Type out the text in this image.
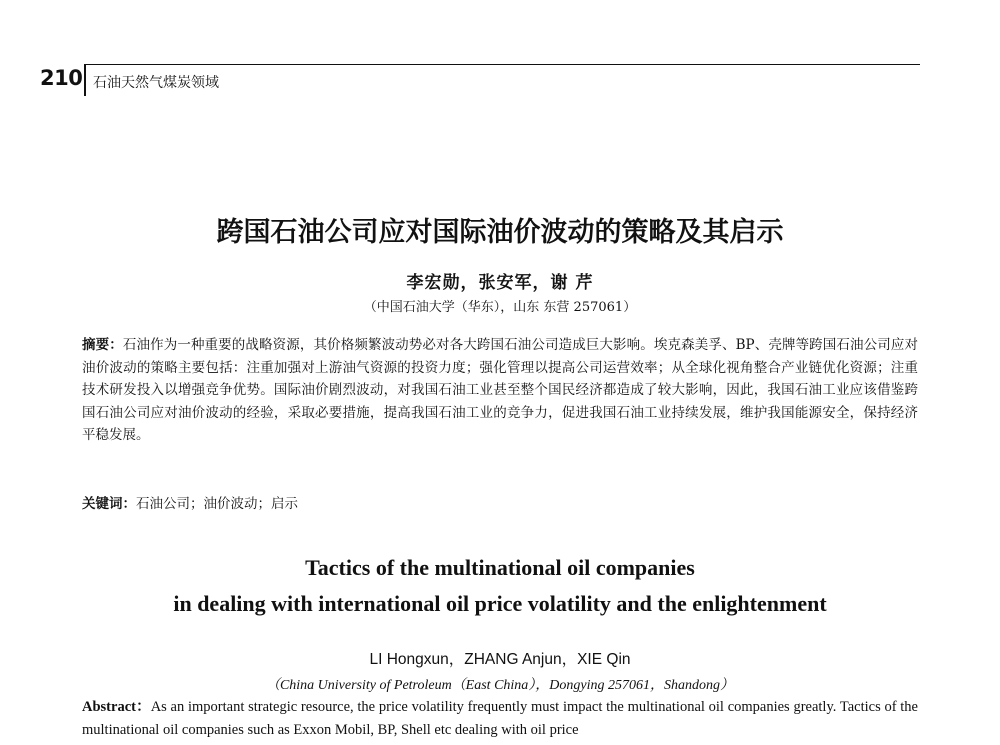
210 石油天然气煤炭领域
跨国石油公司应对国际油价波动的策略及其启示
李宏勋，张安军，谢 芹
（中国石油大学（华东），山东 东营 257061）
摘要：石油作为一种重要的战略资源，其价格频繁波动势必对各大跨国石油公司造成巨大影响。埃克森美孚、BP、壳牌等跨国石油公司应对油价波动的策略主要包括：注重加强对上游油气资源的投资力度；强化管理以提高公司运营效率；从全球化视角整合产业链优化资源；注重技术研发投入以增强竞争优势。国际油价剧烈波动，对我国石油工业甚至整个国民经济都造成了较大影响，因此，我国石油工业应该借鉴跨国石油公司应对油价波动的经验，采取必要措施，提高我国石油工业的竞争力，促进我国石油工业持续发展，维护我国能源安全，保持经济平稳发展。
关键词：石油公司；油价波动；启示
Tactics of the multinational oil companies
in dealing with international oil price volatility and the enlightenment
LI Hongxun，ZHANG Anjun，XIE Qin
（China University of Petroleum（East China），Dongying 257061，Shandong）
Abstract：As an important strategic resource, the price volatility frequently must impact the multinational oil companies greatly. Tactics of the multinational oil companies such as Exxon Mobil, BP, Shell etc dealing with oil price
